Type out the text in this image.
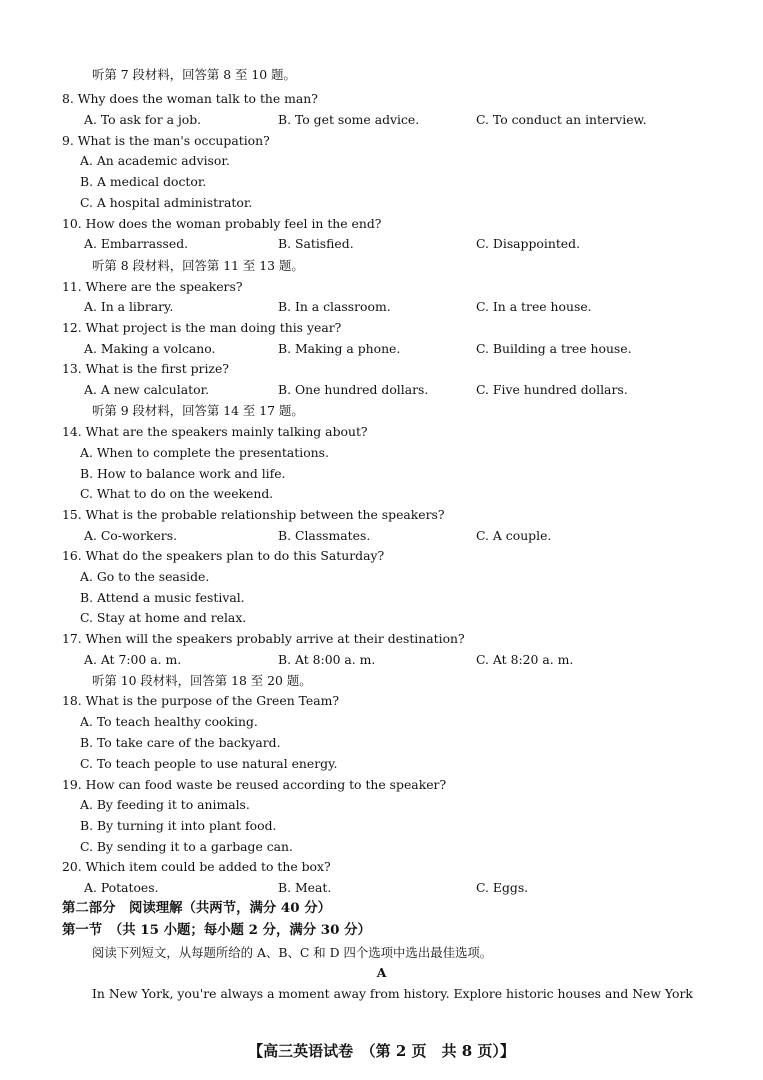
听第 7 段材料，回答第 8 至 10 题。
8. Why does the woman talk to the man?
A. To ask for a job.	B. To get some advice.	C. To conduct an interview.
9. What is the man's occupation?
A. An academic advisor.
B. A medical doctor.
C. A hospital administrator.
10. How does the woman probably feel in the end?
A. Embarrassed.	B. Satisfied.	C. Disappointed.
听第 8 段材料，回答第 11 至 13 题。
11. Where are the speakers?
A. In a library.	B. In a classroom.	C. In a tree house.
12. What project is the man doing this year?
A. Making a volcano.	B. Making a phone.	C. Building a tree house.
13. What is the first prize?
A. A new calculator.	B. One hundred dollars.	C. Five hundred dollars.
听第 9 段材料，回答第 14 至 17 题。
14. What are the speakers mainly talking about?
A. When to complete the presentations.
B. How to balance work and life.
C. What to do on the weekend.
15. What is the probable relationship between the speakers?
A. Co-workers.	B. Classmates.	C. A couple.
16. What do the speakers plan to do this Saturday?
A. Go to the seaside.
B. Attend a music festival.
C. Stay at home and relax.
17. When will the speakers probably arrive at their destination?
A. At 7:00 a. m.	B. At 8:00 a. m.	C. At 8:20 a. m.
听第 10 段材料，回答第 18 至 20 题。
18. What is the purpose of the Green Team?
A. To teach healthy cooking.
B. To take care of the backyard.
C. To teach people to use natural energy.
19. How can food waste be reused according to the speaker?
A. By feeding it to animals.
B. By turning it into plant food.
C. By sending it to a garbage can.
20. Which item could be added to the box?
A. Potatoes.	B. Meat.	C. Eggs.
第二部分　阅读理解（共两节，满分 40 分）
第一节　（共 15 小题；每小题 2 分，满分 30 分）
阅读下列短文，从每题所给的 A、B、C 和 D 四个选项中选出最佳选项。
A
In New York, you're always a moment away from history. Explore historic houses and New York
【高三英语试卷　（第 2 页　共 8 页）】
